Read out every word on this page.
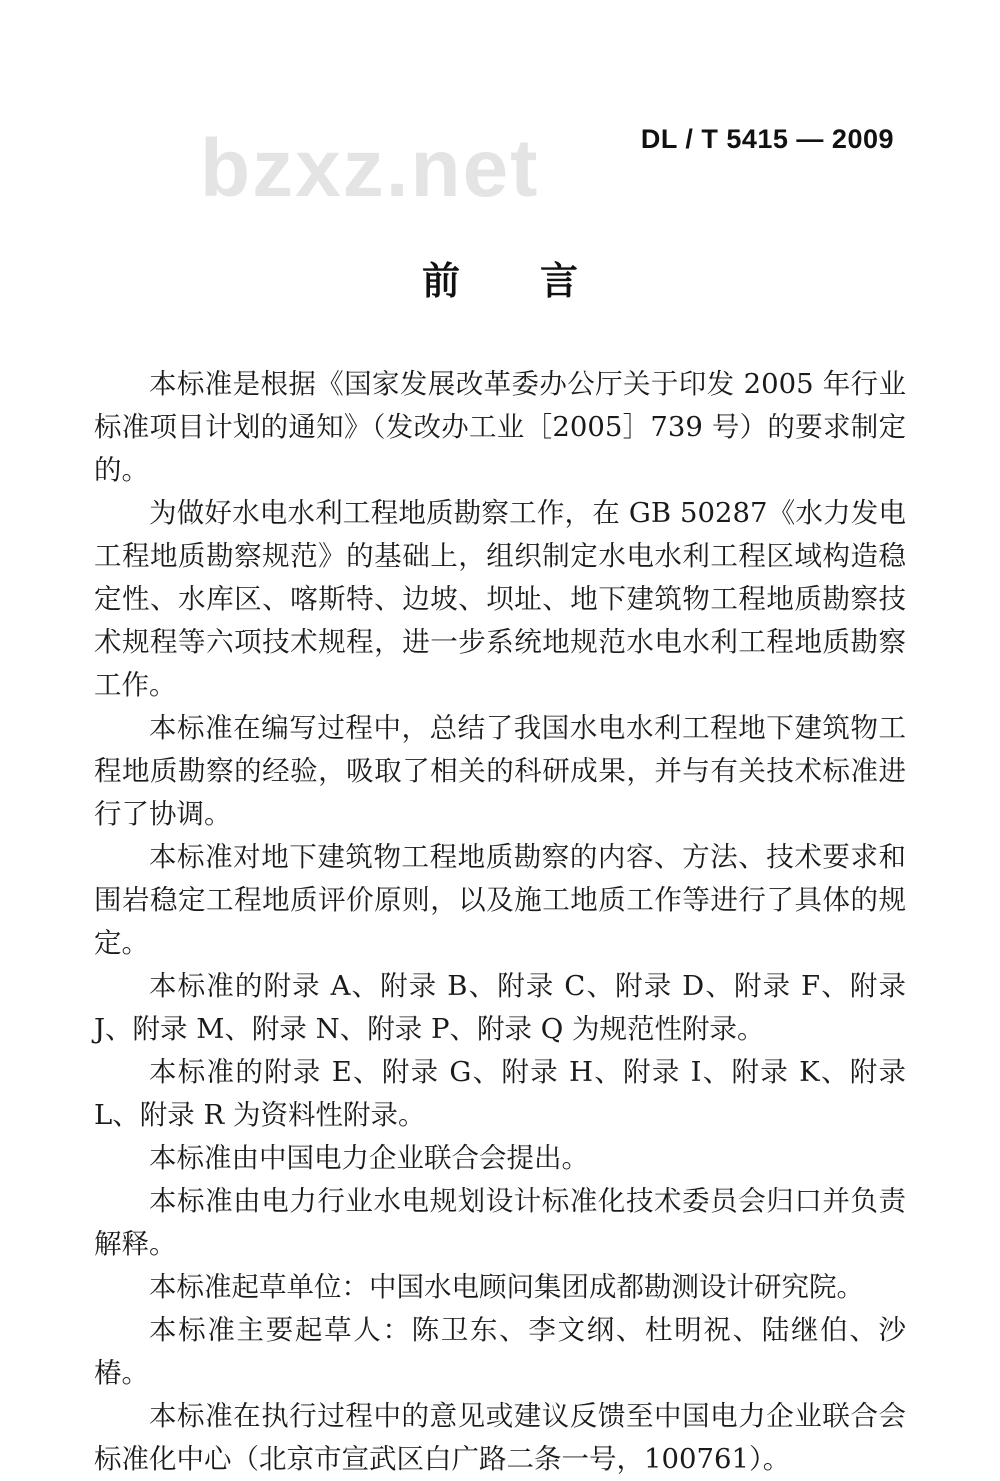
DL / T 5415 — 2009
bzxz.net
前言

本标准是根据《国家发展改革委办公厅关于印发 2005 年行业标准项目计划的通知》（发改办工业［2005］739 号）的要求制定的。

为做好水电水利工程地质勘察工作，在 GB 50287《水力发电工程地质勘察规范》的基础上，组织制定水电水利工程区域构造稳定性、水库区、喀斯特、边坡、坝址、地下建筑物工程地质勘察技术规程等六项技术规程，进一步系统地规范水电水利工程地质勘察工作。

本标准在编写过程中，总结了我国水电水利工程地下建筑物工程地质勘察的经验，吸取了相关的科研成果，并与有关技术标准进行了协调。

本标准对地下建筑物工程地质勘察的内容、方法、技术要求和围岩稳定工程地质评价原则，以及施工地质工作等进行了具体的规定。

本标准的附录 A、附录 B、附录 C、附录 D、附录 F、附录 J、附录 M、附录 N、附录 P、附录 Q 为规范性附录。

本标准的附录 E、附录 G、附录 H、附录 I、附录 K、附录 L、附录 R 为资料性附录。

本标准由中国电力企业联合会提出。

本标准由电力行业水电规划设计标准化技术委员会归口并负责解释。

本标准起草单位：中国水电顾问集团成都勘测设计研究院。

本标准主要起草人：陈卫东、李文纲、杜明祝、陆继伯、沙椿。

本标准在执行过程中的意见或建议反馈至中国电力企业联合会标准化中心（北京市宣武区白广路二条一号，100761）。
